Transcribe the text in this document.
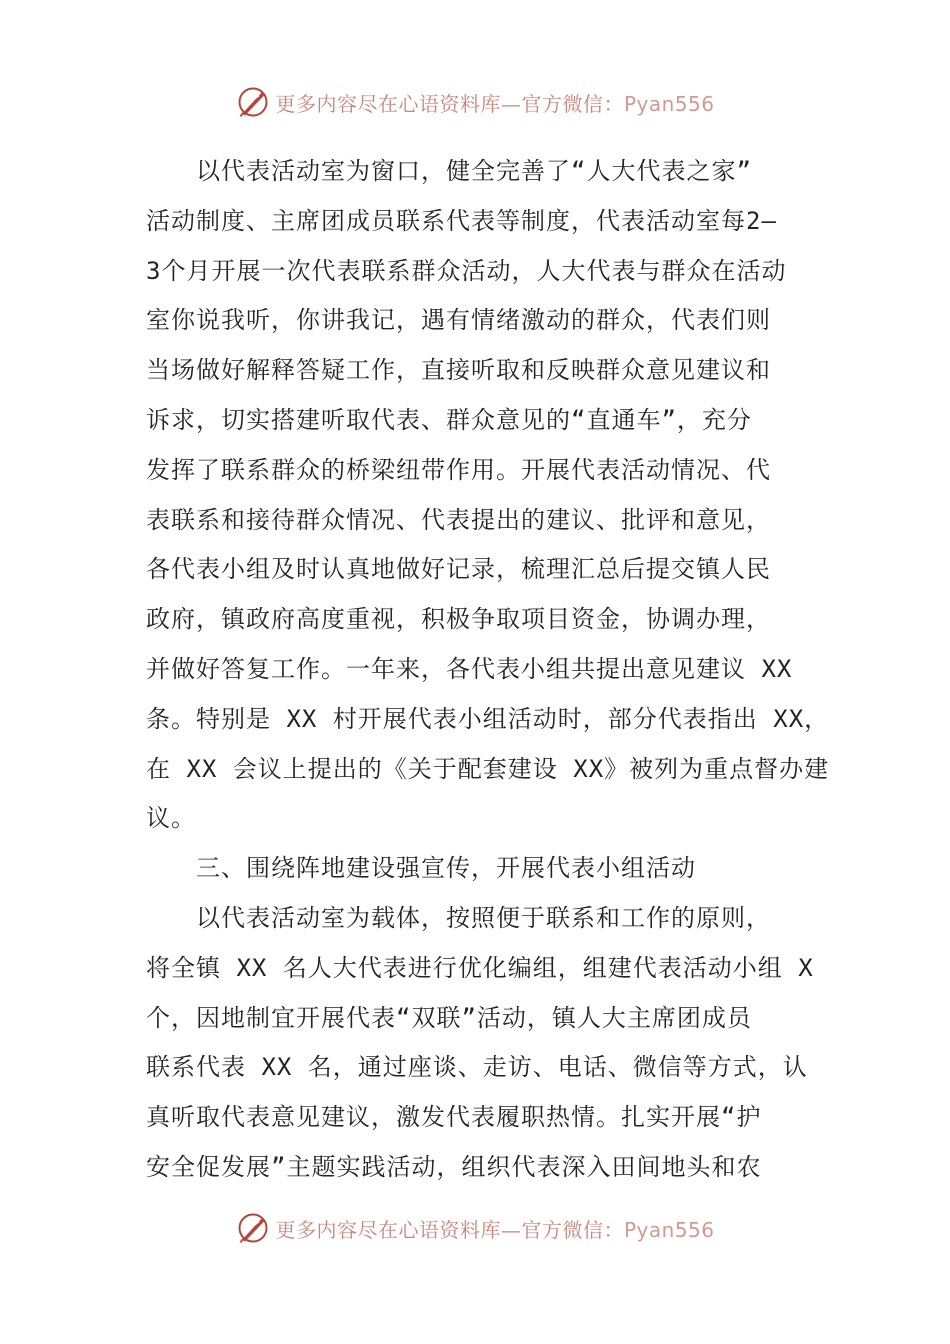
更多内容尽在心语资料库—官方微信：Pyan556
以代表活动室为窗口，健全完善了“人大代表之家”
活动制度、主席团成员联系代表等制度，代表活动室每2—
3个月开展一次代表联系群众活动，人大代表与群众在活动
室你说我听，你讲我记，遇有情绪激动的群众，代表们则
当场做好解释答疑工作，直接听取和反映群众意见建议和
诉求，切实搭建听取代表、群众意见的“直通车”，充分
发挥了联系群众的桥梁纽带作用。开展代表活动情况、代
表联系和接待群众情况、代表提出的建议、批评和意见，
各代表小组及时认真地做好记录，梳理汇总后提交镇人民
政府，镇政府高度重视，积极争取项目资金，协调办理，
并做好答复工作。一年来，各代表小组共提出意见建议 XX
条。特别是 XX 村开展代表小组活动时，部分代表指出 XX，
在 XX 会议上提出的《关于配套建设 XX》被列为重点督办建
议。
三、围绕阵地建设强宣传，开展代表小组活动
以代表活动室为载体，按照便于联系和工作的原则，
将全镇 XX 名人大代表进行优化编组，组建代表活动小组 X
个，因地制宜开展代表“双联”活动，镇人大主席团成员
联系代表 XX 名，通过座谈、走访、电话、微信等方式，认
真听取代表意见建议，激发代表履职热情。扎实开展“护
安全促发展”主题实践活动，组织代表深入田间地头和农
更多内容尽在心语资料库—官方微信：Pyan556
